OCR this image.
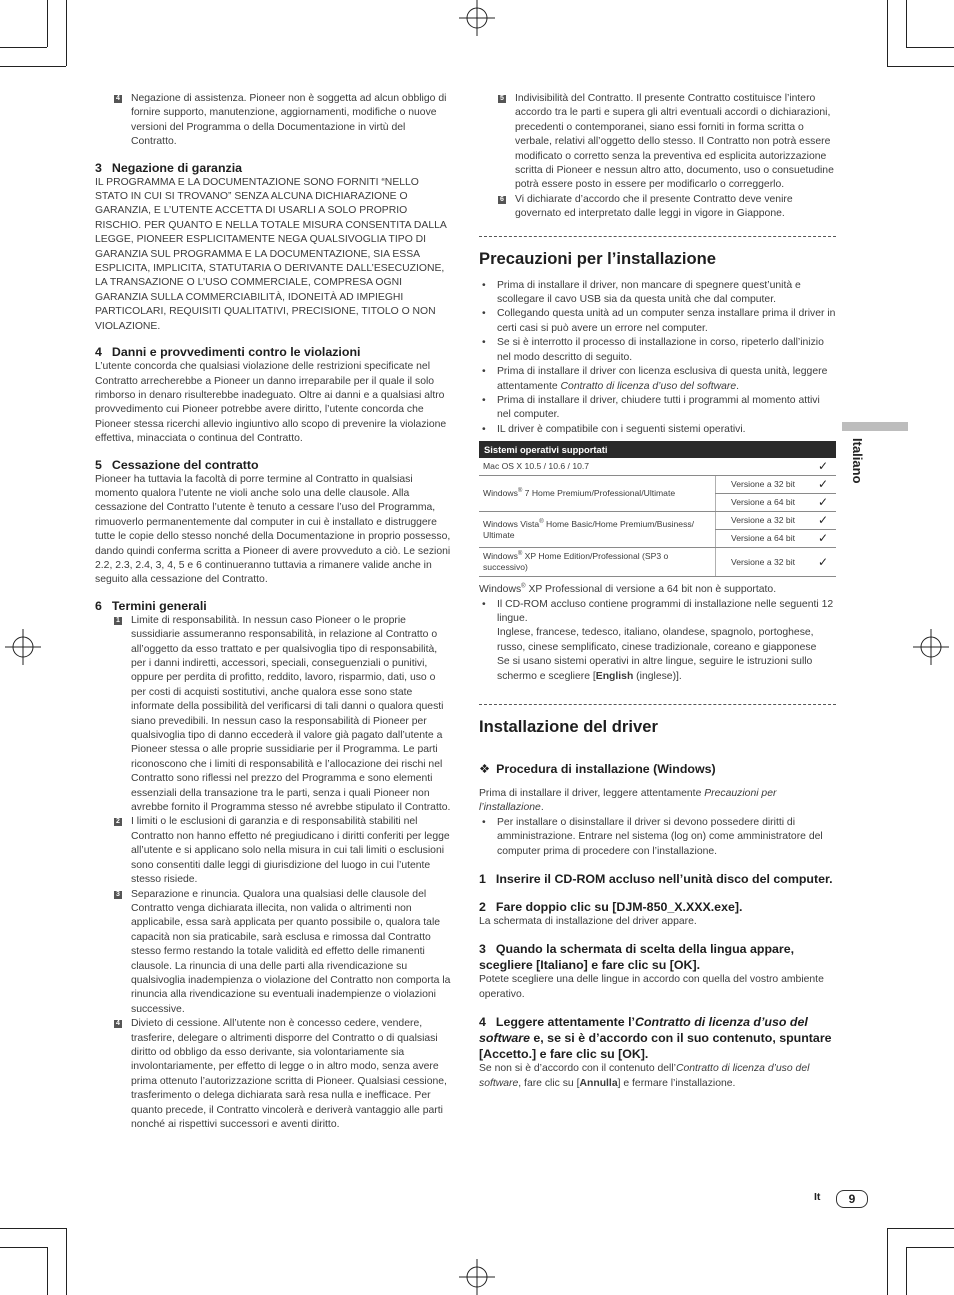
4 Negazione di assistenza. Pioneer non è soggetta ad alcun obbligo di fornire supporto, manutenzione, aggiornamenti, modifiche o nuove versioni del Programma o della Documentazione in virtù del Contratto.

3 Negazione di garanzia

IL PROGRAMMA E LA DOCUMENTAZIONE SONO FORNITI “NELLO STATO IN CUI SI TROVANO” SENZA ALCUNA DICHIARAZIONE O GARANZIA, E L’UTENTE ACCETTA DI USARLI A SOLO PROPRIO RISCHIO. PER QUANTO E NELLA TOTALE MISURA CONSENTITA DALLA LEGGE, PIONEER ESPLICITAMENTE NEGA QUALSIVOGLIA TIPO DI GARANZIA SUL PROGRAMMA E LA DOCUMENTAZIONE, SIA ESSA ESPLICITA, IMPLICITA, STATUTARIA O DERIVANTE DALL’ESECUZIONE, LA TRANSAZIONE O L’USO COMMERCIALE, COMPRESA OGNI GARANZIA SULLA COMMERCIABILITÀ, IDONEITÀ AD IMPIEGHI PARTICOLARI, REQUISITI QUALITATIVI, PRECISIONE, TITOLO O NON VIOLAZIONE.

4 Danni e provvedimenti contro le violazioni

L’utente concorda che qualsiasi violazione delle restrizioni specificate nel Contratto arrecherebbe a Pioneer un danno irreparabile per il quale il solo rimborso in denaro risulterebbe inadeguato. Oltre ai danni e a qualsiasi altro provvedimento cui Pioneer potrebbe avere diritto, l’utente concorda che Pioneer stessa ricerchi allevio ingiuntivo allo scopo di prevenire la violazione effettiva, minacciata o continua del Contratto.

5 Cessazione del contratto

Pioneer ha tuttavia la facoltà di porre termine al Contratto in qualsiasi momento qualora l’utente ne violi anche solo una delle clausole. Alla cessazione del Contratto l’utente è tenuto a cessare l’uso del Programma, rimuoverlo permanentemente dal computer in cui è installato e distruggere tutte le copie dello stesso nonché della Documentazione in proprio possesso, dando quindi conferma scritta a Pioneer di avere provveduto a ciò. Le sezioni 2.2, 2.3, 2.4, 3, 4, 5 e 6 continueranno tuttavia a rimanere valide anche in seguito alla cessazione del Contratto.

6 Termini generali
1 Limite di responsabilità. In nessun caso Pioneer o le proprie sussidiarie assumeranno responsabilità, in relazione al Contratto o all’oggetto da esso trattato e per qualsivoglia tipo di responsabilità, per i danni indiretti, accessori, speciali, conseguenziali o punitivi, oppure per perdita di profitto, reddito, lavoro, risparmio, dati, uso o per costi di acquisti sostitutivi, anche qualora esse sono state informate della possibilità del verificarsi di tali danni o qualora questi siano prevedibili. In nessun caso la responsabilità di Pioneer per qualsivoglia tipo di danno eccederà il valore già pagato dall’utente a Pioneer stessa o alle proprie sussidiarie per il Programma. Le parti riconoscono che i limiti di responsabilità e l’allocazione dei rischi nel Contratto sono riflessi nel prezzo del Programma e sono elementi essenziali della transazione tra le parti, senza i quali Pioneer non avrebbe fornito il Programma stesso né avrebbe stipulato il Contratto.

2 I limiti o le esclusioni di garanzia e di responsabilità stabiliti nel Contratto non hanno effetto né pregiudicano i diritti conferiti per legge all’utente e si applicano solo nella misura in cui tali limiti o esclusioni sono consentiti dalle leggi di giurisdizione del luogo in cui l’utente stesso risiede.

3 Separazione e rinuncia. Qualora una qualsiasi delle clausole del Contratto venga dichiarata illecita, non valida o altrimenti non applicabile, essa sarà applicata per quanto possibile o, qualora tale capacità non sia praticabile, sarà esclusa e rimossa dal Contratto stesso fermo restando la totale validità ed effetto delle rimanenti clausole. La rinuncia di una delle parti alla rivendicazione su qualsivoglia inadempienza o violazione del Contratto non comporta la rinuncia alla rivendicazione su eventuali inadempienze o violazioni successive.

4 Divieto di cessione. All’utente non è concesso cedere, vendere, trasferire, delegare o altrimenti disporre del Contratto o di qualsiasi diritto od obbligo da esso derivante, sia volontariamente sia involontariamente, per effetto di legge o in altro modo, senza avere prima ottenuto l’autorizzazione scritta di Pioneer. Qualsiasi cessione, trasferimento o delega dichiarata sarà resa nulla e inefficace. Per quanto precede, il Contratto vincolerà e deriverà vantaggio alle parti nonché ai rispettivi successori e aventi diritto.

5 Indivisibilità del Contratto. Il presente Contratto costituisce l’intero accordo tra le parti e supera gli altri eventuali accordi o dichiarazioni, precedenti o contemporanei, siano essi forniti in forma scritta o verbale, relativi all’oggetto dello stesso. Il Contratto non potrà essere modificato o corretto senza la preventiva ed esplicita autorizzazione scritta di Pioneer e nessun altro atto, documento, uso o consuetudine potrà essere posto in essere per modificarlo o correggerlo.

6 Vi dichiarate d’accordo che il presente Contratto deve venire governato ed interpretato dalle leggi in vigore in Giappone.

Precauzioni per l’installazione

• Prima di installare il driver, non mancare di spegnere quest’unità e scollegare il cavo USB sia da questa unità che dal computer.

• Collegando questa unità ad un computer senza installare prima il driver in certi casi si può avere un errore nel computer.

• Se si è interrotto il processo di installazione in corso, ripeterlo dall’inizio nel modo descritto di seguito.

• Prima di installare il driver con licenza esclusiva di questa unità, leggere attentamente Contratto di licenza d’uso del software.

• Prima di installare il driver, chiudere tutti i programmi al momento attivi nel computer.

• IL driver è compatibile con i seguenti sistemi operativi.

Sistemi operativi supportati		
Mac OS X 10.5 / 10.6 / 10.7		✓
Windows® 7 Home Premium/Professional/Ultimate	Versione a 32 bit	✓
	Versione a 64 bit	✓
Windows Vista® Home Basic/Home Premium/Business/ Ultimate	Versione a 32 bit	✓
	Versione a 64 bit	✓
Windows® XP Home Edition/Professional (SP3 o successivo)	Versione a 32 bit	✓

Windows® XP Professional di versione a 64 bit non è supportato.

• Il CD-ROM accluso contiene programmi di installazione nelle seguenti 12 lingue.

Inglese, francese, tedesco, italiano, olandese, spagnolo, portoghese, russo, cinese semplificato, cinese tradizionale, coreano e giapponese

Se si usano sistemi operativi in altre lingue, seguire le istruzioni sullo schermo e scegliere [English (inglese)].

Installazione del driver
❖ Procedura di installazione (Windows)

Prima di installare il driver, leggere attentamente Precauzioni per l’installazione.

• Per installare o disinstallare il driver si devono possedere diritti di amministrazione. Entrare nel sistema (log on) come amministratore del computer prima di procedere con l’installazione.

1 Inserire il CD-ROM accluso nell’unità disco del computer.
2 Fare doppio clic su [DJM-850_X.XXX.exe].

La schermata di installazione del driver appare.

3 Quando la schermata di scelta della lingua appare, scegliere [Italiano] e fare clic su [OK].

Potete scegliere una delle lingue in accordo con quella del vostro ambiente operativo.

4 Leggere attentamente l’Contratto di licenza d’uso del software e, se si è d’accordo con il suo contenuto, spuntare [Accetto.] e fare clic su [OK].

Se non si è d’accordo con il contenuto dell’Contratto di licenza d’uso del software, fare clic su [Annulla] e fermare l’installazione.

Italiano
It	9
